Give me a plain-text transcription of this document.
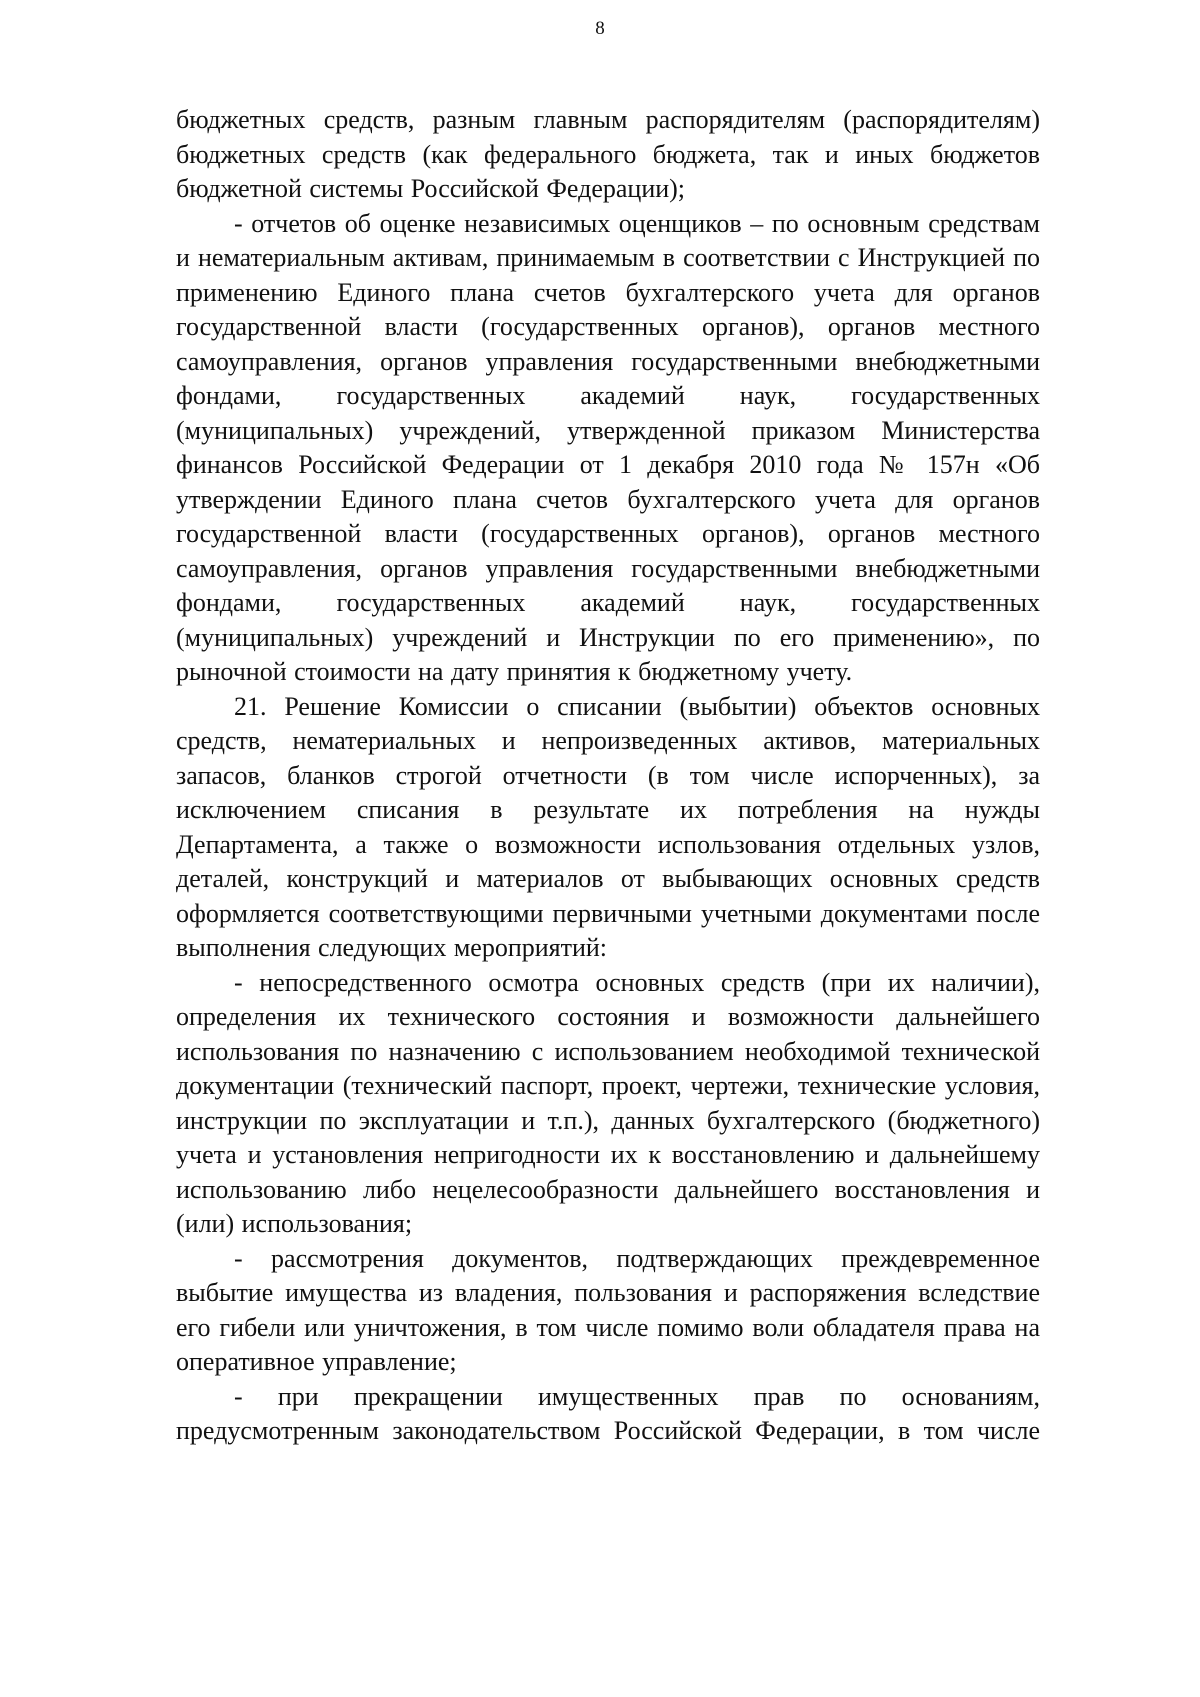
8

бюджетных средств, разным главным распорядителям (распорядителям) бюджетных средств (как федерального бюджета, так и иных бюджетов бюджетной системы Российской Федерации);

- отчетов об оценке независимых оценщиков – по основным средствам и нематериальным активам, принимаемым в соответствии с Инструкцией по применению Единого плана счетов бухгалтерского учета для органов государственной власти (государственных органов), органов местного самоуправления, органов управления государственными внебюджетными фондами, государственных академий наук, государственных (муниципальных) учреждений, утвержденной приказом Министерства финансов Российской Федерации от 1 декабря 2010 года № 157н «Об утверждении Единого плана счетов бухгалтерского учета для органов государственной власти (государственных органов), органов местного самоуправления, органов управления государственными внебюджетными фондами, государственных академий наук, государственных (муниципальных) учреждений и Инструкции по его применению», по рыночной стоимости на дату принятия к бюджетному учету.

21. Решение Комиссии о списании (выбытии) объектов основных средств, нематериальных и непроизведенных активов, материальных запасов, бланков строгой отчетности (в том числе испорченных), за исключением списания в результате их потребления на нужды Департамента, а также о возможности использования отдельных узлов, деталей, конструкций и материалов от выбывающих основных средств оформляется соответствующими первичными учетными документами после выполнения следующих мероприятий:

- непосредственного осмотра основных средств (при их наличии), определения их технического состояния и возможности дальнейшего использования по назначению с использованием необходимой технической документации (технический паспорт, проект, чертежи, технические условия, инструкции по эксплуатации и т.п.), данных бухгалтерского (бюджетного) учета и установления непригодности их к восстановлению и дальнейшему использованию либо нецелесообразности дальнейшего восстановления и (или) использования;

- рассмотрения документов, подтверждающих преждевременное выбытие имущества из владения, пользования и распоряжения вследствие его гибели или уничтожения, в том числе помимо воли обладателя права на оперативное управление;

- при прекращении имущественных прав по основаниям, предусмотренным законодательством Российской Федерации, в том числе
